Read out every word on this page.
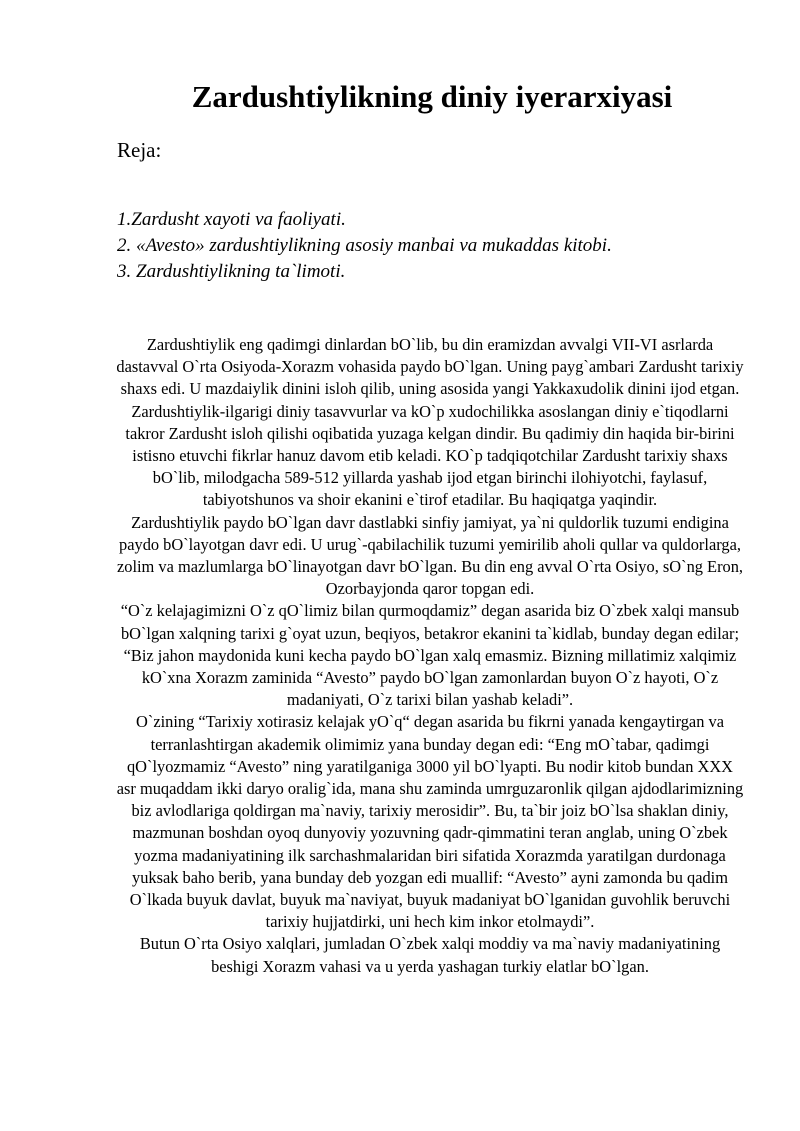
Zardushtiylikning diniy iyerarxiyasi

Reja:

1.Zardusht xayoti va faoliyati.
2. «Avesto» zardushtiylikning asosiy manbai va mukaddas kitobi.
3. Zardushtiylikning ta`limoti.

Zardushtiylik eng qadimgi dinlardan bO`lib, bu din eramizdan avvalgi VII-VI asrlarda dastavval O`rta Osiyoda-Xorazm vohasida paydo bO`lgan. Uning payg`ambari Zardusht tarixiy shaxs edi. U mazdaiylik dinini isloh qilib, uning asosida yangi Yakkaxudolik dinini ijod etgan.

Zardushtiylik-ilgarigi diniy tasavvurlar va kO`p xudochilikka asoslangan diniy e`tiqodlarni takror Zardusht isloh qilishi oqibatida yuzaga kelgan dindir. Bu qadimiy din haqida bir-birini istisno etuvchi fikrlar hanuz davom etib keladi. KO`p tadqiqotchilar Zardusht tarixiy shaxs bO`lib, milodgacha 589-512 yillarda yashab ijod etgan birinchi ilohiyotchi, faylasuf, tabiyotshunos va shoir ekanini e`tirof etadilar. Bu haqiqatga yaqindir.

Zardushtiylik paydo bO`lgan davr dastlabki sinfiy jamiyat, ya`ni quldorlik tuzumi endigina paydo bO`layotgan davr edi. U urug`-qabilachilik tuzumi yemirilib aholi qullar va quldorlarga, zolim va mazlumlarga bO`linayotgan davr bO`lgan. Bu din eng avval O`rta Osiyo, sO`ng Eron, Ozorbayjonda qaror topgan edi.

“O`z kelajagimizni O`z qO`limiz bilan qurmoqdamiz” degan asarida biz O`zbek xalqi mansub bO`lgan xalqning tarixi g`oyat uzun, beqiyos, betakror ekanini ta`kidlab, bunday degan edilar; “Biz jahon maydonida kuni kecha paydo bO`lgan xalq emasmiz. Bizning millatimiz xalqimiz kO`xna Xorazm zaminida “Avesto” paydo bO`lgan zamonlardan buyon O`z hayoti, O`z madaniyati, O`z tarixi bilan yashab keladi”.

O`zining “Tarixiy xotirasiz kelajak yO`q“ degan asarida bu fikrni yanada kengaytirgan va terranlashtirgan akademik olimimiz yana bunday degan edi: “Eng mO`tabar, qadimgi qO`lyozmamiz “Avesto” ning yaratilganiga 3000 yil bO`lyapti. Bu nodir kitob bundan XXX asr muqaddam ikki daryo oralig`ida, mana shu zaminda umrguzaronlik qilgan ajdodlarimizning biz avlodlariga qoldirgan ma`naviy, tarixiy merosidir”. Bu, ta`bir joiz bO`lsa shaklan diniy, mazmunan boshdan oyoq dunyoviy yozuvning qadr-qimmatini teran anglab, uning O`zbek yozma madaniyatining ilk sarchashmalaridan biri sifatida Xorazmda yaratilgan durdonaga yuksak baho berib, yana bunday deb yozgan edi muallif: “Avesto” ayni zamonda bu qadim O`lkada buyuk davlat, buyuk ma`naviyat, buyuk madaniyat bO`lganidan guvohlik beruvchi tarixiy hujjatdirki, uni hech kim inkor etolmaydi”.

Butun O`rta Osiyo xalqlari, jumladan O`zbek xalqi moddiy va ma`naviy madaniyatining beshigi Xorazm vahasi va u yerda yashagan turkiy elatlar bO`lgan.
